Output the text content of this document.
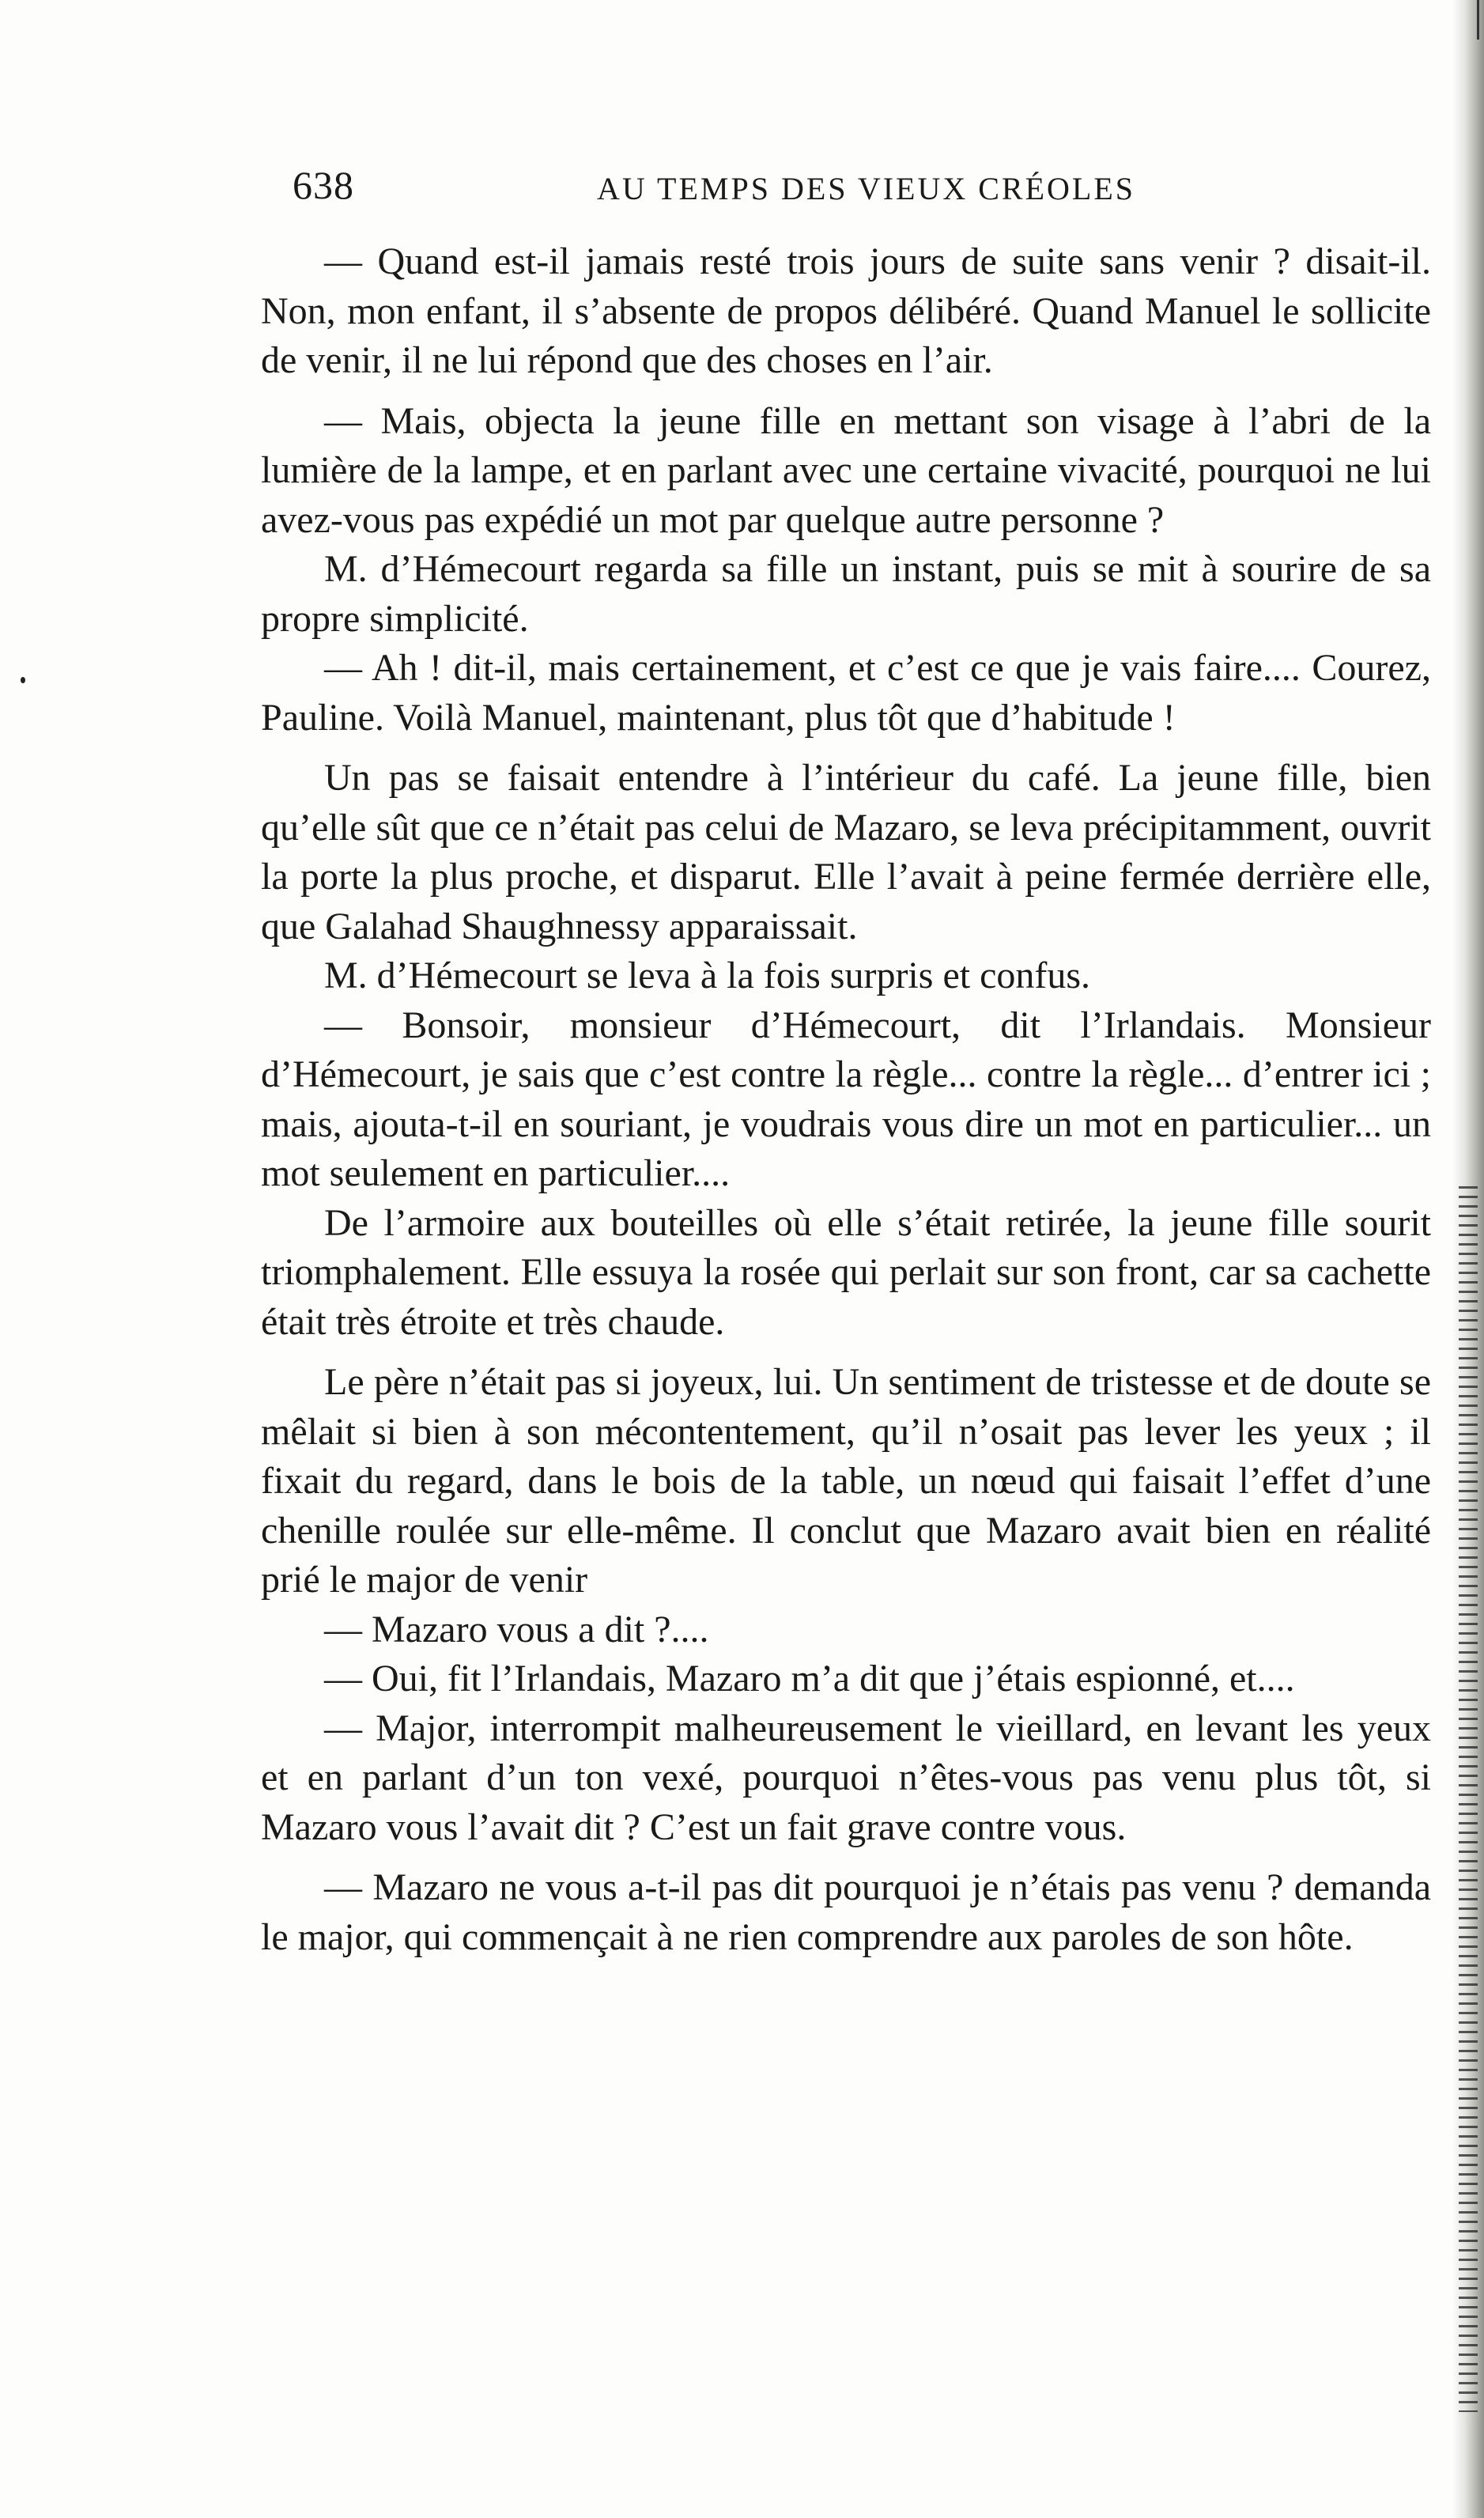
638	AU TEMPS DES VIEUX CRÉOLES

— Quand est-il jamais resté trois jours de suite sans venir ? disait-il. Non, mon enfant, il s’absente de propos délibéré. Quand Manuel le sollicite de venir, il ne lui répond que des choses en l’air.

— Mais, objecta la jeune fille en mettant son visage à l’abri de la lumière de la lampe, et en parlant avec une certaine vivacité, pourquoi ne lui avez-vous pas expédié un mot par quelque autre personne ?

M. d’Hémecourt regarda sa fille un instant, puis se mit à sourire de sa propre simplicité.

— Ah ! dit-il, mais certainement, et c’est ce que je vais faire.... Courez, Pauline. Voilà Manuel, maintenant, plus tôt que d’habitude !

Un pas se faisait entendre à l’intérieur du café. La jeune fille, bien qu’elle sût que ce n’était pas celui de Mazaro, se leva précipitamment, ouvrit la porte la plus proche, et disparut. Elle l’avait à peine fermée derrière elle, que Galahad Shaughnessy apparaissait.

M. d’Hémecourt se leva à la fois surpris et confus.

— Bonsoir, monsieur d’Hémecourt, dit l’Irlandais. Monsieur d’Hémecourt, je sais que c’est contre la règle... contre la règle... d’entrer ici ; mais, ajouta-t-il en souriant, je voudrais vous dire un mot en particulier... un mot seulement en particulier....

De l’armoire aux bouteilles où elle s’était retirée, la jeune fille sourit triomphalement. Elle essuya la rosée qui perlait sur son front, car sa cachette était très étroite et très chaude.

Le père n’était pas si joyeux, lui. Un sentiment de tristesse et de doute se mêlait si bien à son mécontentement, qu’il n’osait pas lever les yeux ; il fixait du regard, dans le bois de la table, un nœud qui faisait l’effet d’une chenille roulée sur elle-même. Il conclut que Mazaro avait bien en réalité prié le major de venir

— Mazaro vous a dit ?....

— Oui, fit l’Irlandais, Mazaro m’a dit que j’étais espionné, et....

— Major, interrompit malheureusement le vieillard, en levant les yeux et en parlant d’un ton vexé, pourquoi n’êtes-vous pas venu plus tôt, si Mazaro vous l’avait dit ? C’est un fait grave contre vous.

— Mazaro ne vous a-t-il pas dit pourquoi je n’étais pas venu ? demanda le major, qui commençait à ne rien comprendre aux paroles de son hôte.
